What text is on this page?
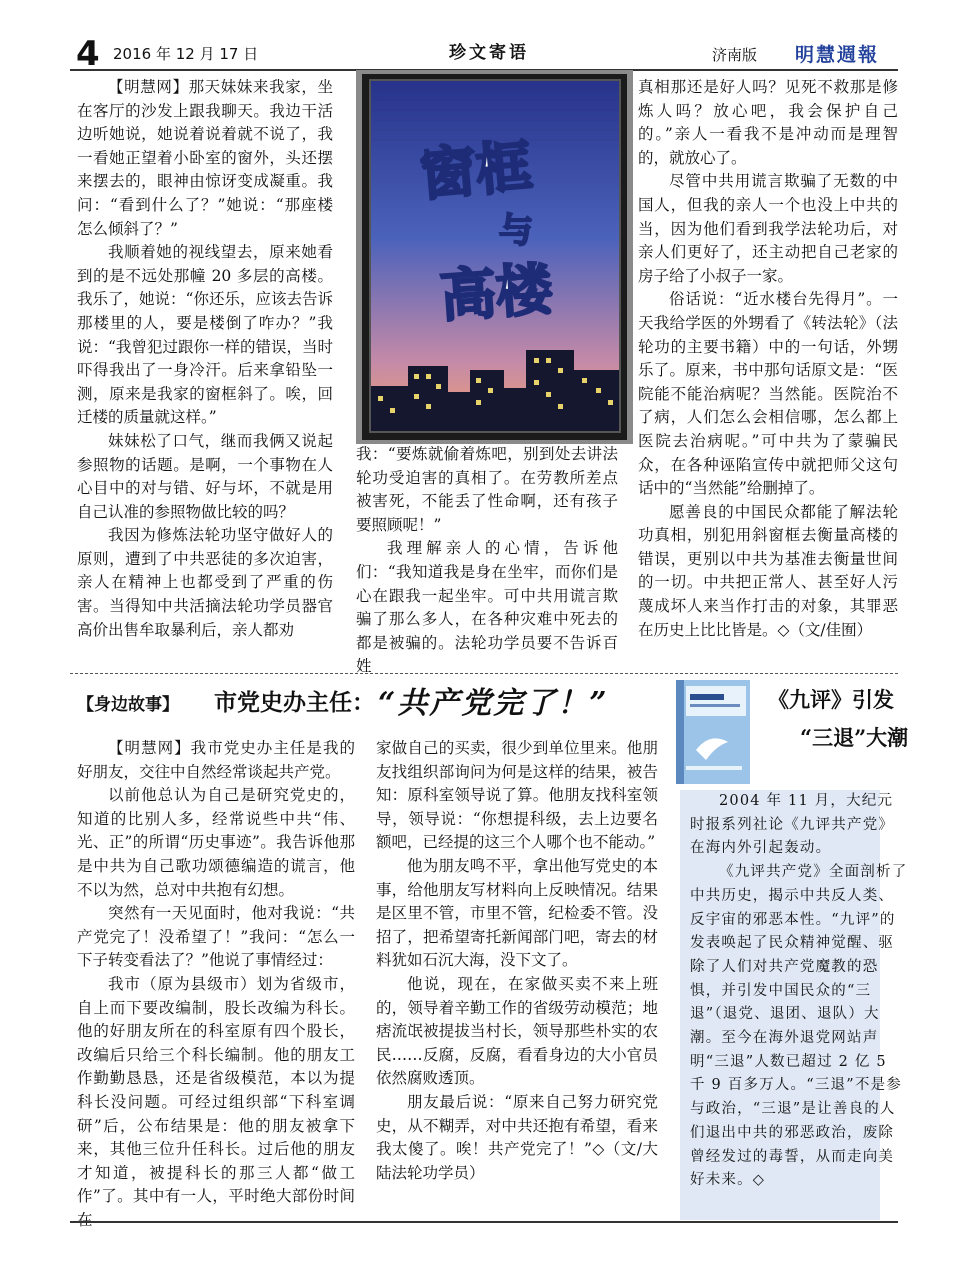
4 2016 年 12 月 17 日	珍文寄语	济南版 明慧週報

【明慧网】那天妹妹来我家，坐在客厅的沙发上跟我聊天。我边干活边听她说，她说着说着就不说了，我一看她正望着小卧室的窗外，头还摆来摆去的，眼神由惊讶变成凝重。我问：“看到什么了？”她说：“那座楼怎么倾斜了？”

我顺着她的视线望去，原来她看到的是不远处那幢 20 多层的高楼。我乐了，她说：“你还乐，应该去告诉那楼里的人，要是楼倒了咋办？”我说：“我曾犯过跟你一样的错误，当时吓得我出了一身冷汗。后来拿铅坠一测，原来是我家的窗框斜了。唉，回迁楼的质量就这样。”

妹妹松了口气，继而我俩又说起参照物的话题。是啊，一个事物在人心目中的对与错、好与坏，不就是用自己认准的参照物做比较的吗？

我因为修炼法轮功坚守做好人的原则，遭到了中共恶徒的多次迫害，亲人在精神上也都受到了严重的伤害。当得知中共活摘法轮功学员器官高价出售牟取暴利后，亲人都劝

窗框
与
高楼

我：“要炼就偷着炼吧，别到处去讲法轮功受迫害的真相了。在劳教所差点被害死，不能丢了性命啊，还有孩子要照顾呢！”

我理解亲人的心情，告诉他们：“我知道我是身在坐牢，而你们是心在跟我一起坐牢。可中共用谎言欺骗了那么多人，在各种灾难中死去的都是被骗的。法轮功学员要不告诉百姓

真相那还是好人吗？见死不救那是修炼人吗？放心吧，我会保护自己的。”亲人一看我不是冲动而是理智的，就放心了。

尽管中共用谎言欺骗了无数的中国人，但我的亲人一个也没上中共的当，因为他们看到我学法轮功后，对亲人们更好了，还主动把自己老家的房子给了小叔子一家。

俗话说：“近水楼台先得月”。一天我给学医的外甥看了《转法轮》（法轮功的主要书籍）中的一句话，外甥乐了。原来，书中那句话原文是：“医院能不能治病呢？当然能。医院治不了病，人们怎么会相信哪，怎么都上医院去治病呢。”可中共为了蒙骗民众，在各种诬陷宣传中就把师父这句话中的“当然能”给删掉了。

愿善良的中国民众都能了解法轮功真相，别犯用斜窗框去衡量高楼的错误，更别以中共为基准去衡量世间的一切。中共把正常人、甚至好人污蔑成坏人来当作打击的对象，其罪恶在历史上比比皆是。◇（文/佳囿）

【身边故事】 市党史办主任： “共产党完了！”

【明慧网】我市党史办主任是我的好朋友，交往中自然经常谈起共产党。

以前他总认为自己是研究党史的，知道的比别人多，经常说些中共“伟、光、正”的所谓“历史事迹”。我告诉他那是中共为自己歌功颂德编造的谎言，他不以为然，总对中共抱有幻想。

突然有一天见面时，他对我说：“共产党完了！没希望了！”我问：“怎么一下子转变看法了？”他说了事情经过：

我市（原为县级市）划为省级市，自上而下要改编制，股长改编为科长。他的好朋友所在的科室原有四个股长，改编后只给三个科长编制。他的朋友工作勤勤恳恳，还是省级模范，本以为提科长没问题。可经过组织部“下科室调研”后，公布结果是：他的朋友被拿下来，其他三位升任科长。过后他的朋友才知道，被提科长的那三人都“做工作”了。其中有一人，平时绝大部份时间在

家做自己的买卖，很少到单位里来。他朋友找组织部询问为何是这样的结果，被告知：原科室领导说了算。他朋友找科室领导，领导说：“你想提科级，去上边要名额吧，已经提的这三个人哪个也不能动。”

他为朋友鸣不平，拿出他写党史的本事，给他朋友写材料向上反映情况。结果是区里不管，市里不管，纪检委不管。没招了，把希望寄托新闻部门吧，寄去的材料犹如石沉大海，没下文了。

他说，现在，在家做买卖不来上班的，领导着辛勤工作的省级劳动模范；地痞流氓被提拔当村长，领导那些朴实的农民……反腐，反腐，看看身边的大小官员依然腐败透顶。

朋友最后说：“原来自己努力研究党史，从不糊弄，对中共还抱有希望，看来我太傻了。唉！共产党完了！”◇（文/大陆法轮功学员）

《九评》引发
“三退”大潮

2004 年 11 月，大纪元时报系列社论《九评共产党》在海内外引起轰动。

《九评共产党》全面剖析了中共历史，揭示中共反人类、反宇宙的邪恶本性。“九评”的发表唤起了民众精神觉醒、驱除了人们对共产党魔教的恐惧，并引发中国民众的“三退”（退党、退团、退队）大潮。至今在海外退党网站声明“三退”人数已超过 2 亿 5 千 9 百多万人。“三退”不是参与政治，“三退”是让善良的人们退出中共的邪恶政治，废除曾经发过的毒誓，从而走向美好未来。◇
